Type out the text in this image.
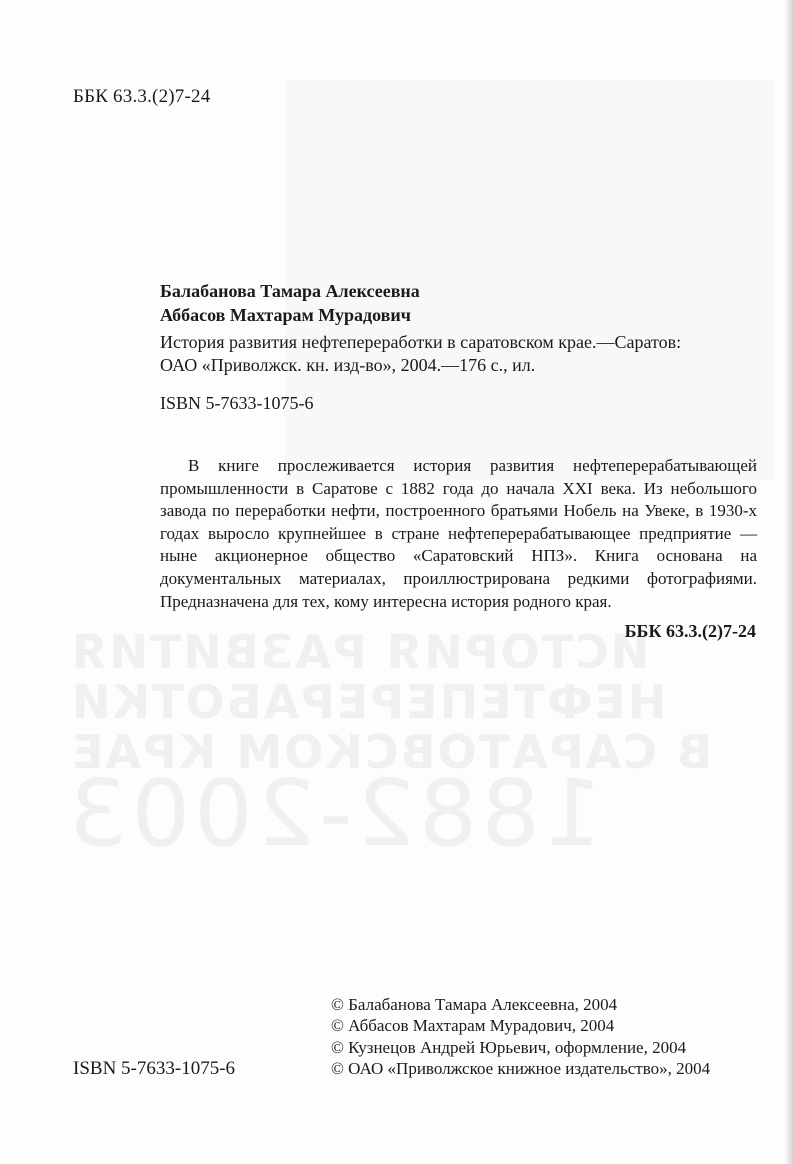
ИСТОРИЯ РАЗВИТИЯ
НЕФТЕПЕРЕРАБОТКИ
В САРАТОВСКОМ КРАЕ
1882-2003
ББК 63.3.(2)7-24
Балабанова Тамара Алексеевна
Аббасов Махтарам Мурадович
История развития нефтепереработки в саратовском крае.—Саратов:
ОАО «Приволжск. кн. изд-во», 2004.—176 с., ил.
ISBN 5-7633-1075-6

В книге прослеживается история развития нефтеперерабатывающей промышленности в Саратове с 1882 года до начала XXI века. Из небольшого завода по переработки нефти, построенного братьями Нобель на Увеке, в 1930-х годах выросло крупнейшее в стране нефтеперерабатывающее предприятие — ныне акционерное общество «Саратовский НПЗ». Книга основана на документальных материалах, проиллюстрирована редкими фотографиями. Предназначена для тех, кому интересна история родного края.

ББК 63.3.(2)7-24
© Балабанова Тамара Алексеевна, 2004
© Аббасов Махтарам Мурадович, 2004
© Кузнецов Андрей Юрьевич, оформление, 2004
© ОАО «Приволжское книжное издательство», 2004
ISBN 5-7633-1075-6
